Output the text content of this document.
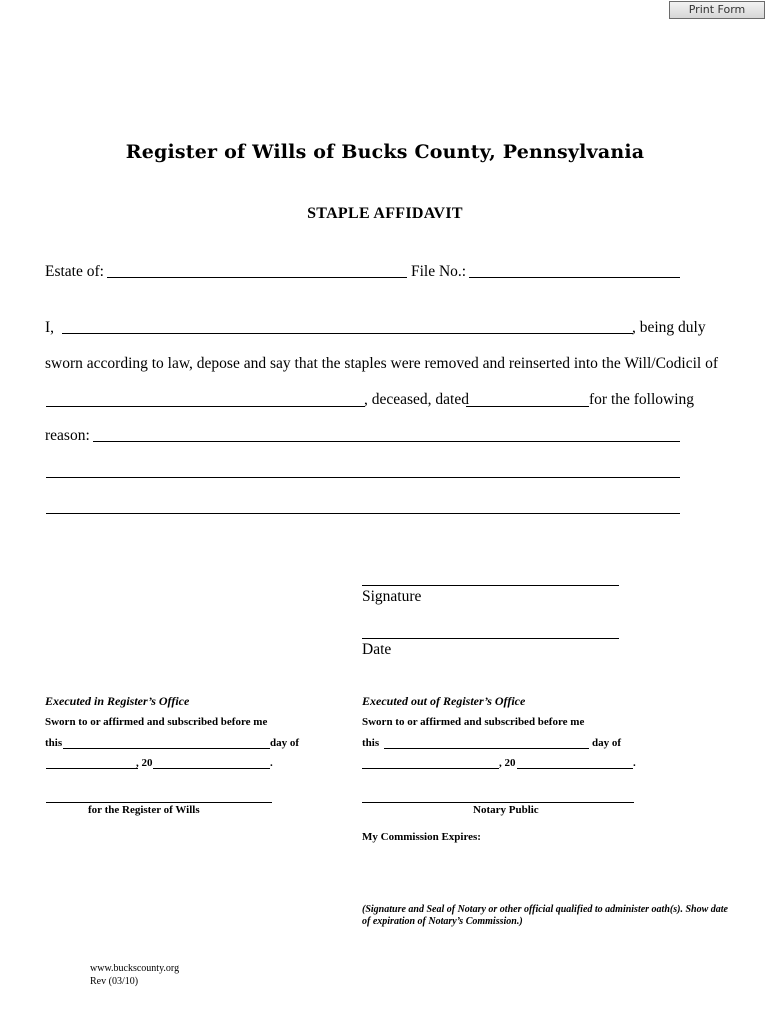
Print Form
Register of Wills of Bucks County, Pennsylvania
STAPLE AFFIDAVIT
Estate of:	File No.:
I,	, being duly
sworn according to law, depose and say that the staples were removed and reinserted into the Will/Codicil of
, deceased, dated	for the following
reason:
Signature
Date
Executed in Register’s Office
Sworn to or affirmed and subscribed before me
this	day of
, 20	.
for the Register of Wills
Executed out of Register’s Office
Sworn to or affirmed and subscribed before me
this	day of
, 20	.
Notary Public
My Commission Expires:
(Signature and Seal of Notary or other official qualified to administer oath(s). Show date of expiration of Notary’s Commission.)
www.buckscounty.org
Rev (03/10)
